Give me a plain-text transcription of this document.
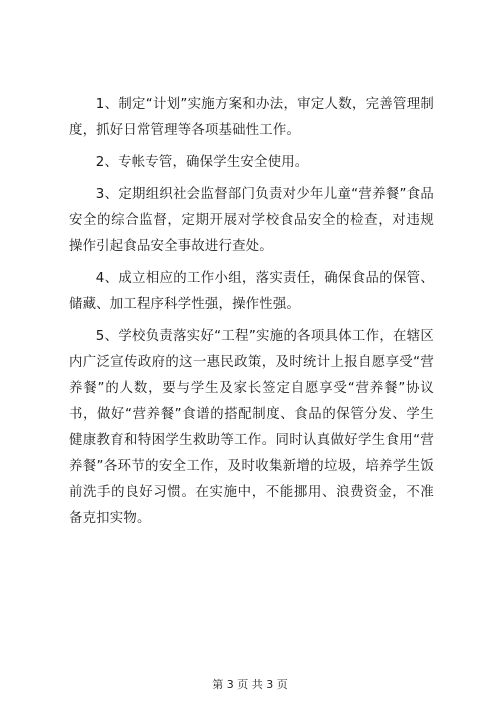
1、制定“计划”实施方案和办法，审定人数，完善管理制度，抓好日常管理等各项基础性工作。

2、专帐专管，确保学生安全使用。

3、定期组织社会监督部门负责对少年儿童“营养餐”食品安全的综合监督，定期开展对学校食品安全的检查，对违规操作引起食品安全事故进行查处。

4、成立相应的工作小组，落实责任，确保食品的保管、储藏、加工程序科学性强，操作性强。

5、学校负责落实好“工程”实施的各项具体工作，在辖区内广泛宣传政府的这一惠民政策，及时统计上报自愿享受“营养餐”的人数，要与学生及家长签定自愿享受“营养餐”协议书，做好“营养餐”食谱的搭配制度、食品的保管分发、学生健康教育和特困学生救助等工作。同时认真做好学生食用“营养餐”各环节的安全工作，及时收集新增的垃圾，培养学生饭前洗手的良好习惯。在实施中，不能挪用、浪费资金，不准备克扣实物。

第 3 页 共 3 页
